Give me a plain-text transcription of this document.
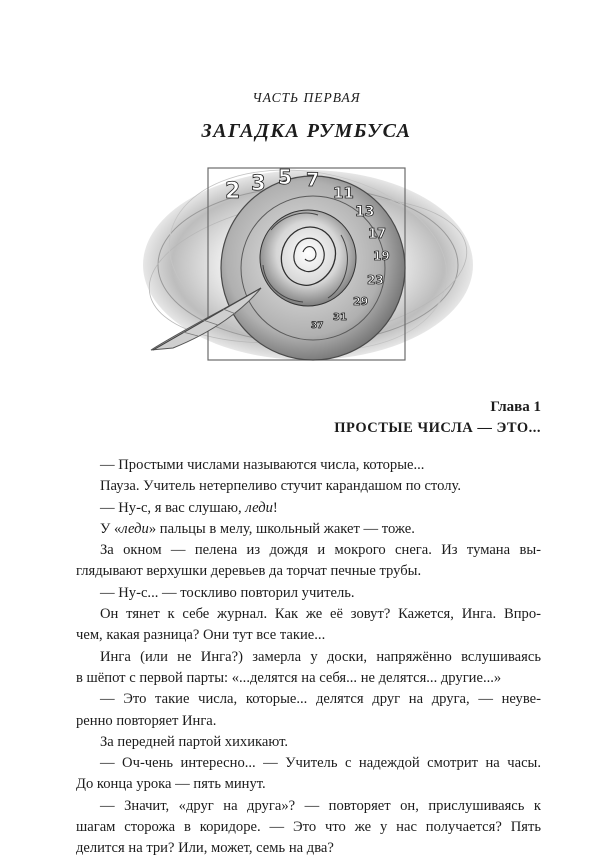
ЧАСТЬ ПЕРВАЯ
ЗАГАДКА РУМБУСА
2 3 5 7
11
13
17
19
23
29
31
37
Глава 1
ПРОСТЫЕ ЧИСЛА — ЭТО...
— Простыми числами называются числа, которые...
Пауза. Учитель нетерпеливо стучит карандашом по столу.
— Ну-с, я вас слушаю, леди!
У «леди» пальцы в мелу, школьный жакет — тоже.
За окном — пелена из дождя и мокрого снега. Из тумана вы-
глядывают верхушки деревьев да торчат печные трубы.
— Ну-с... — тоскливо повторил учитель.
Он тянет к себе журнал. Как же её зовут? Кажется, Инга. Впро-
чем, какая разница? Они тут все такие...
Инга (или не Инга?) замерла у доски, напряжённо вслушиваясь
в шёпот с первой парты: «...делятся на себя... не делятся... другие...»
— Это такие числа, которые... делятся друг на друга, — неуве-
ренно повторяет Инга.
За передней партой хихикают.
— Оч-чень интересно... — Учитель с надеждой смотрит на часы.
До конца урока — пять минут.
— Значит, «друг на друга»? — повторяет он, прислушиваясь к
шагам сторожа в коридоре. — Это что же у нас получается? Пять
делится на три? Или, может, семь на два?
